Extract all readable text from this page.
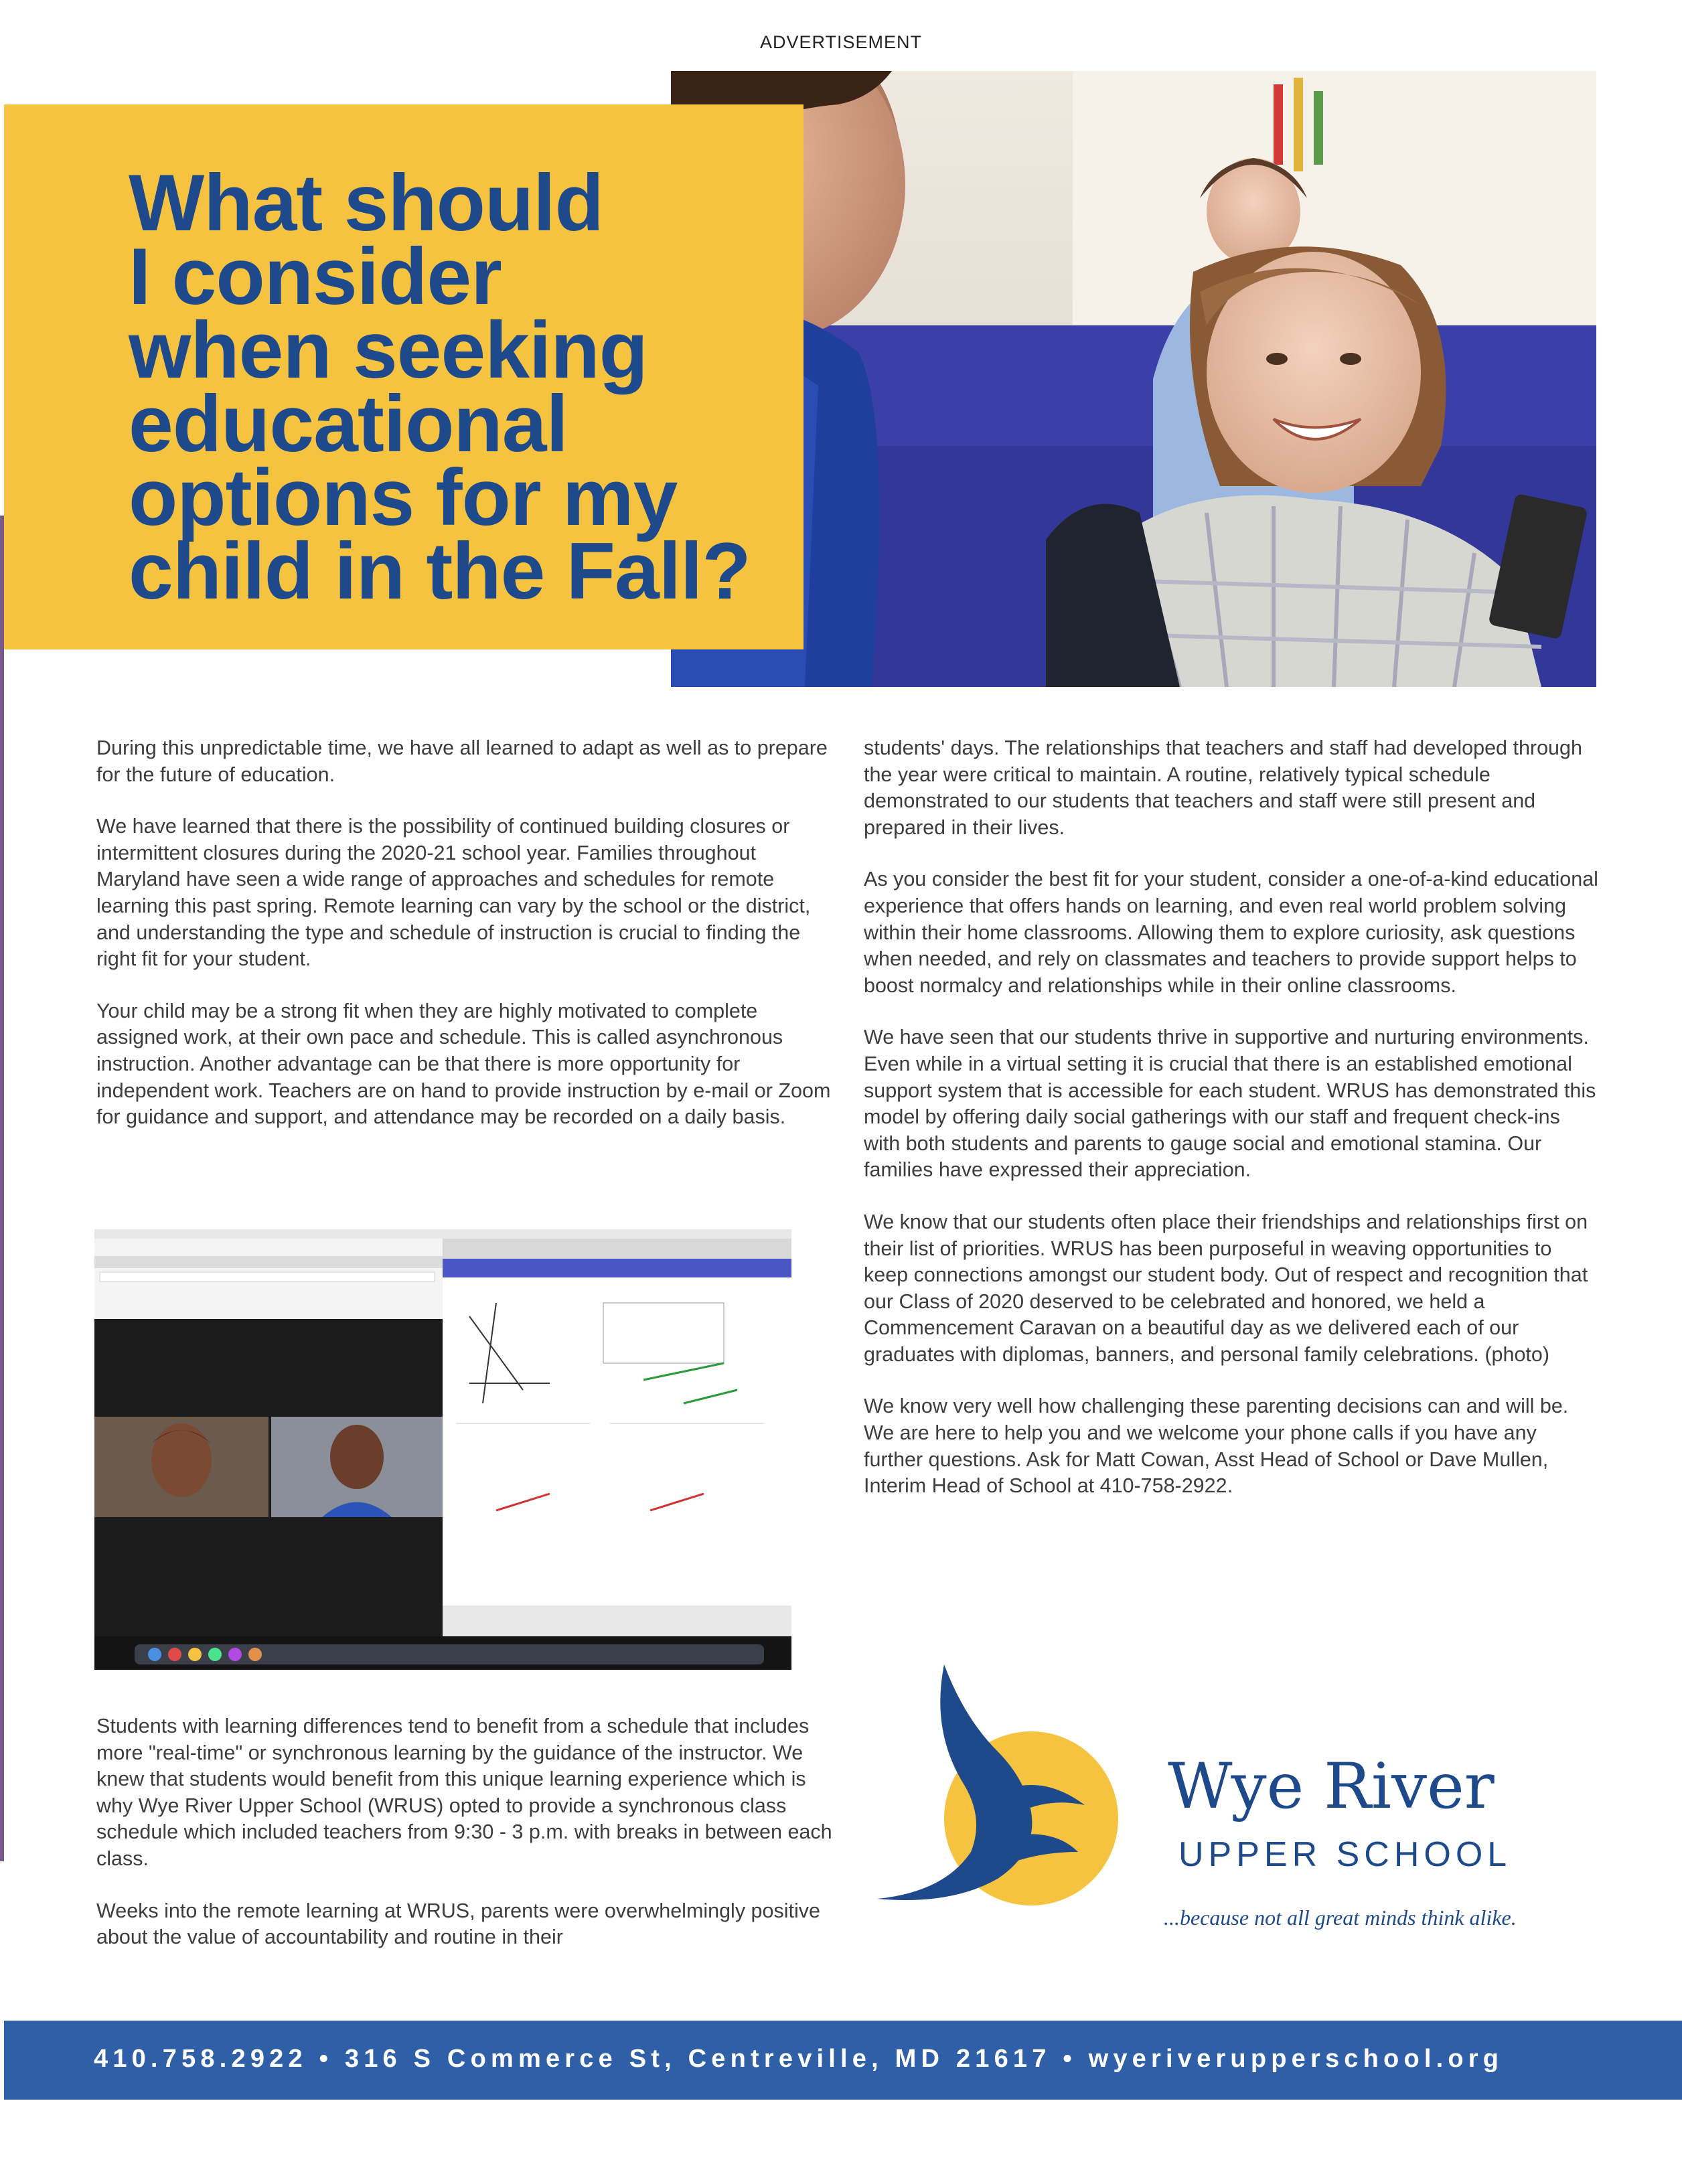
ADVERTISEMENT
What should
I consider
when seeking
educational
options for my
child in the Fall?

During this unpredictable time, we have all learned to adapt as well as to prepare for the future of education.

We have learned that there is the possibility of continued building closures or intermittent closures during the 2020-21 school year. Families throughout Maryland have seen a wide range of approaches and schedules for remote learning this past spring. Remote learning can vary by the school or the district, and understanding the type and schedule of instruction is crucial to finding the right fit for your student.

Your child may be a strong fit when they are highly motivated to complete assigned work, at their own pace and schedule. This is called asynchronous instruction. Another advantage can be that there is more opportunity for independent work. Teachers are on hand to provide instruction by e-mail or Zoom for guidance and support, and attendance may be recorded on a daily basis.

Students with learning differences tend to benefit from a schedule that includes more "real-time" or synchronous learning by the guidance of the instructor. We knew that students would benefit from this unique learning experience which is why Wye River Upper School (WRUS) opted to provide a synchronous class schedule which included teachers from 9:30 - 3 p.m. with breaks in between each class.

Weeks into the remote learning at WRUS, parents were overwhelmingly positive about the value of accountability and routine in their

students' days. The relationships that teachers and staff had developed through the year were critical to maintain. A routine, relatively typical schedule demonstrated to our students that teachers and staff were still present and prepared in their lives.

As you consider the best fit for your student, consider a one-of-a-kind educational experience that offers hands on learning, and even real world problem solving within their home classrooms. Allowing them to explore curiosity, ask questions when needed, and rely on classmates and teachers to provide support helps to boost normalcy and relationships while in their online classrooms.

We have seen that our students thrive in supportive and nurturing environments. Even while in a virtual setting it is crucial that there is an established emotional support system that is accessible for each student. WRUS has demonstrated this model by offering daily social gatherings with our staff and frequent check-ins with both students and parents to gauge social and emotional stamina. Our families have expressed their appreciation.

We know that our students often place their friendships and relationships first on their list of priorities. WRUS has been purposeful in weaving opportunities to keep connections amongst our student body. Out of respect and recognition that our Class of 2020 deserved to be celebrated and honored, we held a Commencement Caravan on a beautiful day as we delivered each of our graduates with diplomas, banners, and personal family celebrations. (photo)

We know very well how challenging these parenting decisions can and will be. We are here to help you and we welcome your phone calls if you have any further questions. Ask for Matt Cowan, Asst Head of School or Dave Mullen, Interim Head of School at 410-758-2922.

Wye River
UPPER SCHOOL
...because not all great minds think alike.
410.758.2922 • 316 S Commerce St, Centreville, MD 21617 • wyeriverupperschool.org
